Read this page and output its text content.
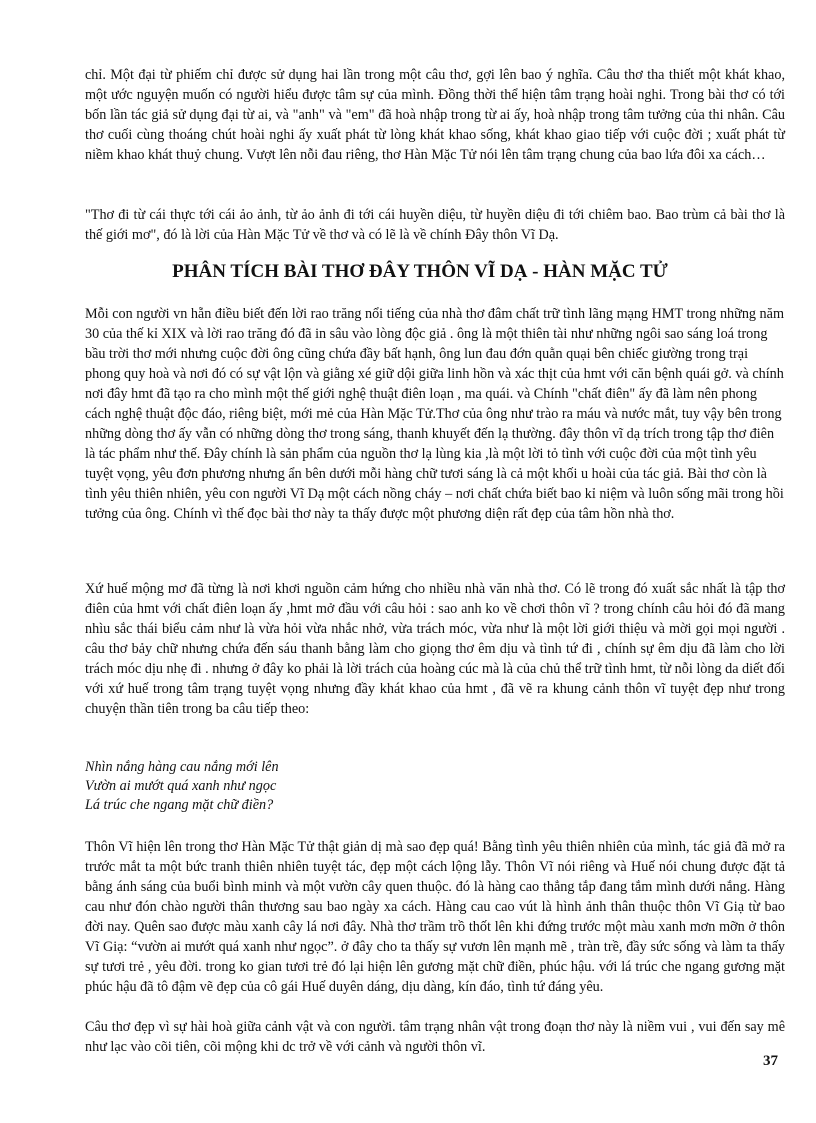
chỉ. Một đại từ phiếm chỉ được sử dụng hai lần trong một câu thơ, gợi lên bao ý nghĩa. Câu thơ tha thiết một khát khao, một ước nguyện muốn có người hiểu được tâm sự của mình. Đồng thời thể hiện tâm trạng hoài nghi. Trong bài thơ có tới bốn lần tác giả sử dụng đại từ ai, và "anh" và "em" đã hoà nhập trong từ ai ấy, hoà nhập trong tâm tưởng của thi nhân. Câu thơ cuối cùng thoáng chút hoài nghi ấy xuất phát từ lòng khát khao sống, khát khao giao tiếp với cuộc đời ; xuất phát từ niềm khao khát thuỷ chung. Vượt lên nỗi đau riêng, thơ Hàn Mặc Tử nói lên tâm trạng chung của bao lứa đôi xa cách…

"Thơ đi từ cái thực tới cái ảo ảnh, từ ảo ảnh đi tới cái huyền diệu, từ huyền diệu đi tới chiêm bao. Bao trùm cả bài thơ là thế giới mơ", đó là lời của Hàn Mặc Tử về thơ và có lẽ là về chính Đây thôn Vĩ Dạ.

PHÂN TÍCH BÀI THƠ ĐÂY THÔN VĨ DẠ - HÀN MẶC TỬ

Mỗi con người vn hẵn điều biết đến lời rao trăng nổi tiếng của nhà thơ đâm chất trữ tình lãng mạng HMT trong những năm 30 của thế kỉ XIX và lời rao trăng đó đã in sâu vào lòng độc giả . ông là một thiên tài như những ngôi sao sáng loá trong bầu trời thơ mới nhưng cuộc đời ông cũng chứa đầy bất hạnh, ông lun đau đớn quằn quại bên chiếc giường trong trại phong quy hoà và nơi đó có sự vật lộn và giằng xé giữ dội giữa linh hồn và xác thịt của hmt với căn bệnh quái gở. và chính nơi đây hmt đã tạo ra cho mình một thế giới nghệ thuật điên loạn , ma quái. và Chính "chất điên" ấy đã làm nên phong cách nghệ thuật độc đáo, riêng biệt, mới mẻ của Hàn Mặc Tử.Thơ của ông như trào ra máu và nước mắt, tuy vậy bên trong những dòng thơ ấy vẫn có những dòng thơ trong sáng, thanh khuyết đến lạ thường. đây thôn vĩ dạ trích trong tập thơ điên là tác phẩm như thế. Đây chính là sản phẩm của nguồn thơ lạ lùng kia ,là một lời tỏ tình với cuộc đời của một tình yêu tuyệt vọng, yêu đơn phương nhưng ẩn bên dưới mỗi hàng chữ tươi sáng là cả một khối u hoài của tác giả. Bài thơ còn là tình yêu thiên nhiên, yêu con người Vĩ Dạ một cách nồng cháy – nơi chất chứa biết bao kỉ niệm và luôn sống mãi trong hồi tưởng của ông. Chính vì thế đọc bài thơ này ta thấy được một phương diện rất đẹp của tâm hồn nhà thơ.

Xứ huế mộng mơ đã từng là nơi khơi nguồn cảm hứng cho nhiều nhà văn nhà thơ. Có lẽ trong đó xuất sắc nhất là tập thơ điên của hmt với chất điên loạn ấy ,hmt mở đầu với câu hỏi : sao anh ko về chơi thôn vĩ ? trong chính câu hỏi đó đã mang nhìu sắc thái biểu cảm như là vừa hỏi vừa nhắc nhở, vừa trách móc, vừa như là một lời giới thiệu và mời gọi mọi người . câu thơ bảy chữ nhưng chứa đến sáu thanh bằng làm cho giọng thơ êm dịu và tình tứ đi , chính sự êm dịu đã làm cho lời trách móc dịu nhẹ đi . nhưng ở đây ko phải là lời trách của hoàng cúc mà là của chủ thể trữ tình hmt, từ nỗi lòng da diết đối với xứ huế trong tâm trạng tuyệt vọng nhưng đầy khát khao của hmt , đã vẽ ra khung cảnh thôn vĩ tuyệt đẹp như trong chuyện thần tiên trong ba câu tiếp theo:

Nhìn nắng hàng cau nắng mới lên
Vườn ai mướt quá xanh như ngọc
Lá trúc che ngang mặt chữ điền?

Thôn Vĩ hiện lên trong thơ Hàn Mặc Tử thật giản dị mà sao đẹp quá! Bằng tình yêu thiên nhiên của mình, tác giả đã mở ra trước mắt ta một bức tranh thiên nhiên tuyệt tác, đẹp một cách lộng lẫy. Thôn Vĩ nói riêng và Huế nói chung được đặt tả bằng ánh sáng của buổi bình minh và một vườn cây quen thuộc. đó là hàng cao thẳng tắp đang tắm mình dưới nắng. Hàng cau như đón chào người thân thương sau bao ngày xa cách. Hàng cau cao vút là hình ảnh thân thuộc thôn Vĩ Giạ từ bao đời nay. Quên sao được màu xanh cây lá nơi đây. Nhà thơ trầm trồ thốt lên khi đứng trước một màu xanh mơn mỡn ở thôn Vĩ Giạ: “vườn ai mướt quá xanh như ngọc”. ở đây cho ta thấy sự vươn lên mạnh mẽ , tràn trề, đầy sức sống và làm ta thấy sự tươi trẻ , yêu đời. trong ko gian tươi trẻ đó lại hiện lên gương mặt chữ điền, phúc hậu. với lá trúc che ngang gương mặt phúc hậu đã tô đậm vẽ đẹp của cô gái Huế duyên dáng, dịu dàng, kín đáo, tình tứ đáng yêu.

Câu thơ đẹp vì sự hài hoà giữa cảnh vật và con người. tâm trạng nhân vật trong đoạn thơ này là niềm vui , vui đến say mê như lạc vào cõi tiên, cõi mộng khi dc trở về với cảnh và người thôn vĩ.

37
